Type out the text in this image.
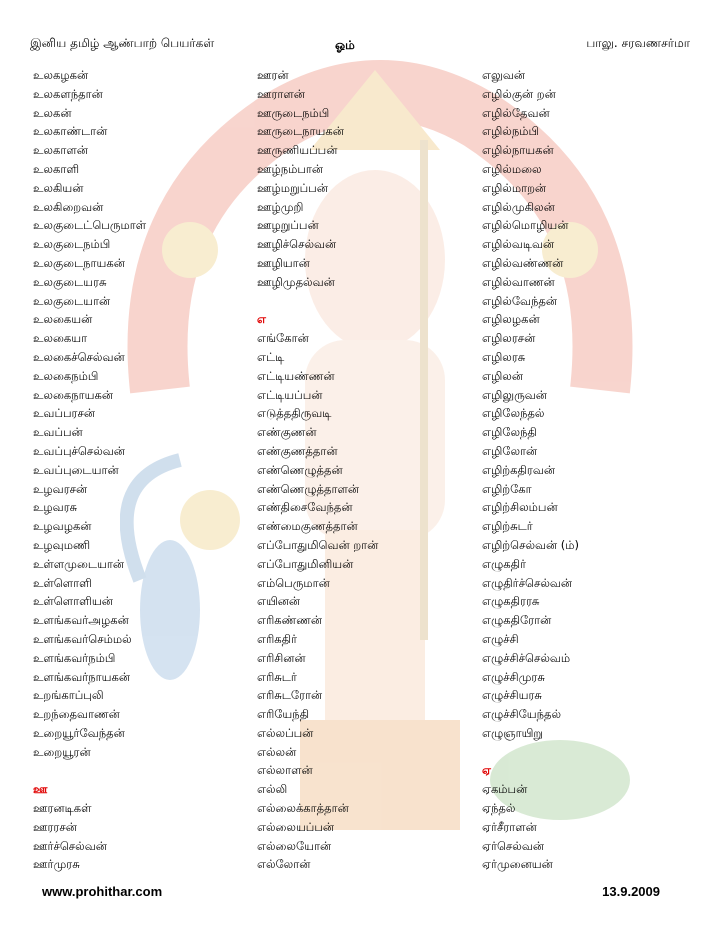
இனிய தமிழ் ஆண்பாற் பெயர்கள்	ஓம்	பாலு. சரவணசர்மா
உலகழகன்
உலகளந்தான்
உலகன்
உலகாண்டான்
உலகாளன்
உலகாளி
உலகியன்
உலகிறைவன்
உலகுடைட்பெருமாள்
உலகுடைநம்பி
உலகுடைநாயகன்
உலகுடையரசு
உலகுடையான்
உலகையன்
உலகையா
உலகைச்செல்வன்
உலகைநம்பி
உலகைநாயகன்
உவப்பரசன்
உவப்பன்
உவப்புச்செல்வன்
உவப்புடையான்
உழவரசன்
உழவரசு
உழவழகன்
உழவுமணி
உள்ளமுடையான்
உள்ளொளி
உள்ளொளியன்
உளங்கவர்அழகன்
உளங்கவர்செம்மல்
உளங்கவர்நம்பி
உளங்கவர்நாயகன்
உறங்காப்புலி
உறந்தைவாணன்
உறையூர்வேந்தன்
உறையூரன்
ஊ
ஊரனடிகள்
ஊரரசன்
ஊர்ச்செல்வன்
ஊர்முரசு
ஊரன்
ஊராளன்
ஊருடைநம்பி
ஊருடைநாயகன்
ஊருணியப்பன்
ஊழ்நம்பான்
ஊழ்மறுப்பன்
ஊழ்முறி
ஊழறுப்பன்
ஊழிச்செல்வன்
ஊழியான்
ஊழிமுதல்வன்
எ
எங்கோன்
எட்டி
எட்டியண்ணன்
எட்டியப்பன்
எடுத்ததிருவடி
எண்குணன்
எண்குணத்தான்
எண்ணெழுத்தன்
எண்ணெழுத்தாளன்
எண்திசைவேந்தன்
எண்மைகுணத்தான்
எப்போதுமிவென் றான்
எப்போதுமினியன்
எம்பெருமான்
எயினன்
எரிகண்ணன்
எரிகதிர்
எரிசினன்
எரிசுடர்
எரிசுடரோன்
எரியேந்தி
எல்லப்பன்
எல்லன்
எல்லாளன்
எல்லி
எல்லைக்காத்தான்
எல்லையப்பன்
எல்லையோன்
எல்லோன்
எலுவன்
எழில்குன் றன்
எழில்தேவன்
எழில்நம்பி
எழில்நாயகன்
எழில்மலை
எழில்மாறன்
எழில்முகிலன்
எழில்மொழியன்
எழில்வடிவன்
எழில்வண்ணன்
எழில்வாணன்
எழில்வேந்தன்
எழிலழகன்
எழிலரசன்
எழிலரசு
எழிலன்
எழிலுருவன்
எழிலேந்தல்
எழிலேந்தி
எழிலோன்
எழிற்கதிரவன்
எழிற்கோ
எழிற்சிலம்பன்
எழிற்சுடர்
எழிற்செல்வன் (ம்)
எழுகதிர்
எழுதிர்ச்செல்வன்
எழுகதிரரசு
எழுகதிரோன்
எழுச்சி
எழுச்சிச்செல்வம்
எழுச்சிமுரசு
எழுச்சியரசு
எழுச்சியேந்தல்
எழுஞாயிறு
ஏ
ஏகம்பன்
ஏந்தல்
ஏர்சீராளன்
ஏர்செல்வன்
ஏர்முனையன்
www.prohithar.com	13.9.2009
